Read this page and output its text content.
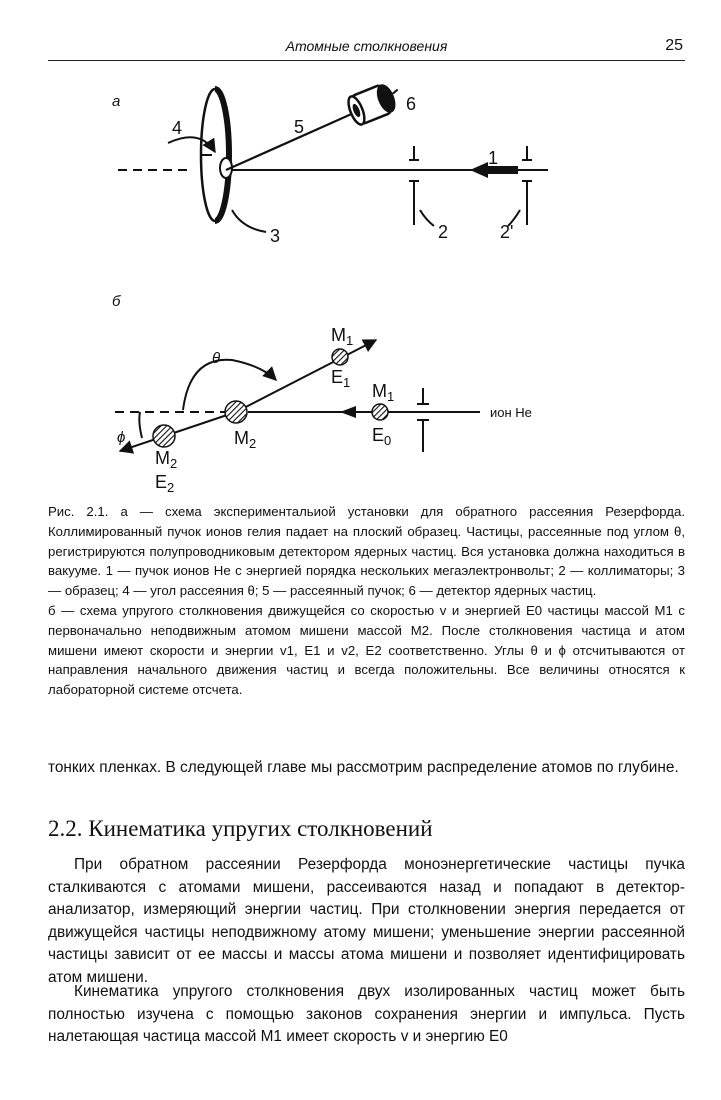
Атомные столкновения	25
а
4	5
6
1
3	2	2'
б
θ
ϕ
$M_1$
$E_1$ $M_1$
$E_0$
$M_2$
$M_2$
$E_2$
ион He

Рис. 2.1. а — схема экспериментальиой установки для обратного рассеяния Резерфорда. Коллимированный пучок ионов гелия падает на плоский образец. Частицы, рассеянные под углом θ, регистрируются полупроводниковым детектором ядерных частиц. Вся установка должна находиться в вакууме. 1 — пучок ионов He с энергией порядка нескольких мегаэлектронвольт; 2 — коллиматоры; 3 — образец; 4 — угол рассеяния θ; 5 — рассеянный пучок; 6 — детектор ядерных частиц.

б — схема упругого столкновения движущейся со скоростью v и энергией E0 частицы массой M1 с первоначально неподвижным атомом мишени массой M2. После столкновения частица и атом мишени имеют скорости и энергии v1, E1 и v2, E2 соответственно. Углы θ и ϕ отсчитываются от направления начального движения частиц и всегда положительны. Все величины относятся к лабораторной системе отсчета.

тонких пленках. В следующей главе мы рассмотрим распределение атомов по глубине.

2.2. Кинематика упругих столкновений

При обратном рассеянии Резерфорда моноэнергетические частицы пучка сталкиваются с атомами мишени, рассеиваются назад и попадают в детектор-анализатор, измеряющий энергии частиц. При столкновении энергия передается от движущейся частицы неподвижному атому мишени; уменьшение энергии рассеянной частицы зависит от ее массы и массы атома мишени и позволяет идентифицировать атом мишени.

Кинематика упругого столкновения двух изолированных частиц может быть полностью изучена с помощью законов сохранения энергии и импульса. Пусть налетающая частица массой M1 имеет скорость v и энергию E0
